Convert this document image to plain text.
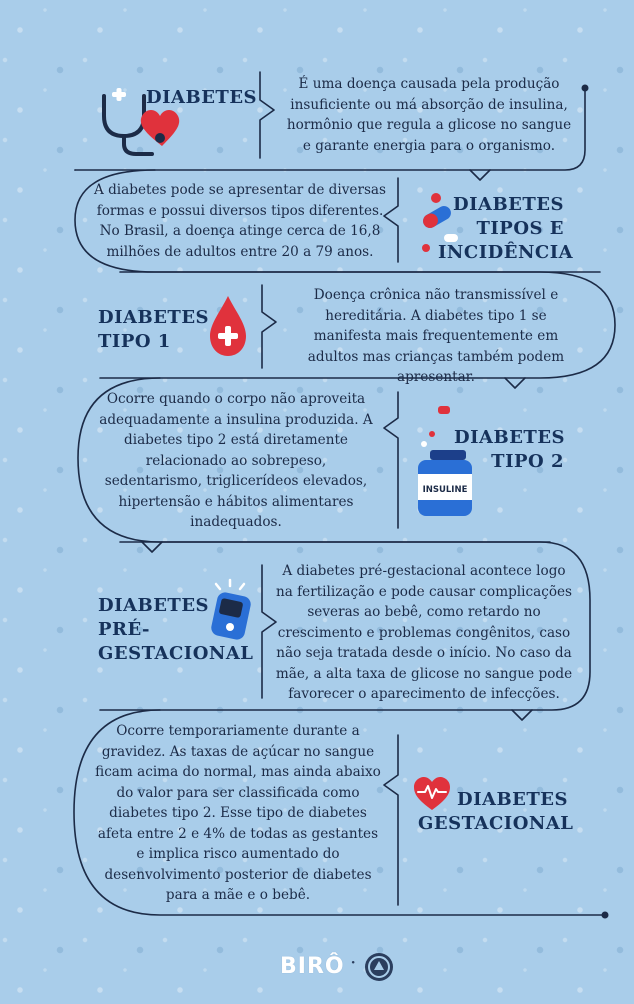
DIABETES
É uma doença causada pela produção insuficiente ou má absorção de insulina, hormônio que regula a glicose no sangue e garante energia para o organismo.
A diabetes pode se apresentar de diversas formas e possui diversos tipos diferentes. No Brasil, a doença atinge cerca de 16,8 milhões de adultos entre 20 a 79 anos.
DIABETES TIPOS E INCIDÊNCIA
DIABETES TIPO 1
Doença crônica não transmissível e hereditária. A diabetes tipo 1 se manifesta mais frequentemente em adultos mas crianças também podem apresentar.
Ocorre quando o corpo não aproveita adequadamente a insulina produzida. A diabetes tipo 2 está diretamente relacionado ao sobrepeso, sedentarismo, triglicerídeos elevados, hipertensão e hábitos alimentares inadequados.
INSULINE
DIABETES TIPO 2
DIABETES PRÉ-GESTACIONAL
A diabetes pré-gestacional acontece logo na fertilização e pode causar complicações severas ao bebê, como retardo no crescimento e problemas congênitos, caso não seja tratada desde o início. No caso da mãe, a alta taxa de glicose no sangue pode favorecer o aparecimento de infecções.
Ocorre temporariamente durante a gravidez. As taxas de açúcar no sangue ficam acima do normal, mas ainda abaixo do valor para ser classificada como diabetes tipo 2. Esse tipo de diabetes afeta entre 2 e 4% de todas as gestantes e implica risco aumentado do desenvolvimento posterior de diabetes para a mãe e o bebê.
DIABETES GESTACIONAL
BIRÔ ·
